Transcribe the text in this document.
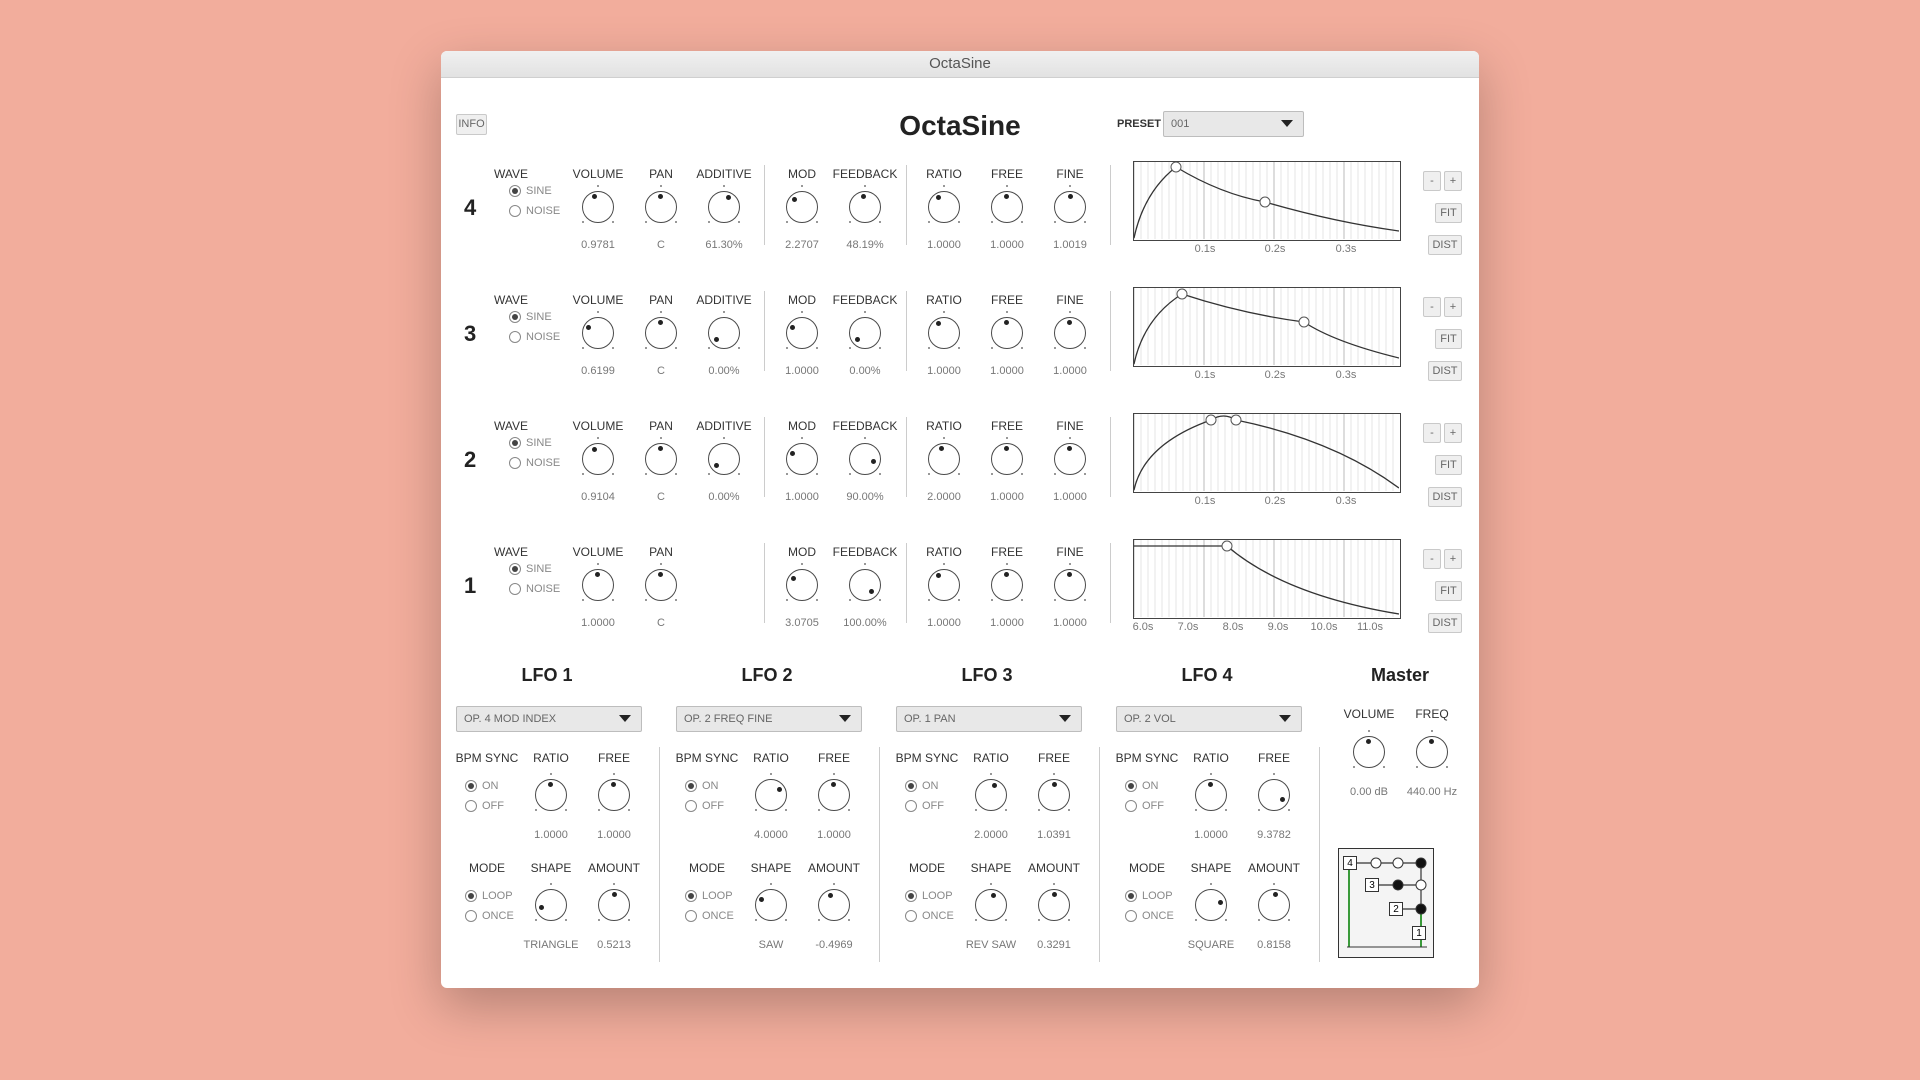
OctaSine
INFO	OctaSine	PRESET 001
4
WAVE
SINE
NOISE
VOLUME
0.9781
PAN
C
ADDITIVE
61.30%
MOD
2.2707
FEEDBACK
48.19%
RATIO
1.0000
FREE
1.0000
FINE
1.0019	0.1s	0.2s	0.3s
-	+
FIT
DIST
3
WAVE
SINE
NOISE
VOLUME
0.6199
PAN
C
ADDITIVE
0.00%
MOD
1.0000
FEEDBACK
0.00%
RATIO
1.0000
FREE
1.0000
FINE
1.0000	0.1s	0.2s	0.3s
-	+
FIT
DIST
2
WAVE
SINE
NOISE
VOLUME
0.9104
PAN
C
ADDITIVE
0.00%
MOD
1.0000
FEEDBACK
90.00%
RATIO
2.0000
FREE
1.0000
FINE
1.0000	0.1s	0.2s	0.3s
-	+
FIT
DIST
1
WAVE
SINE
NOISE
VOLUME
1.0000
PAN
C
MOD
3.0705
FEEDBACK
100.00%
RATIO
1.0000
FREE
1.0000
FINE
1.0000	6.0s	7.0s	8.0s	9.0s	10.0s	11.0s
-	+
FIT
DIST
LFO 1
OP. 4 MOD INDEX
BPM SYNC
ON
OFF
RATIO
1.0000
FREE
1.0000
MODE
LOOP
ONCE
SHAPE
TRIANGLE
AMOUNT
0.5213
LFO 2
OP. 2 FREQ FINE
BPM SYNC
ON
OFF
RATIO
4.0000
FREE
1.0000
MODE
LOOP
ONCE
SHAPE
SAW
AMOUNT
-0.4969
LFO 3
OP. 1 PAN
BPM SYNC
ON
OFF
RATIO
2.0000
FREE
1.0391
MODE
LOOP
ONCE
SHAPE
REV SAW
AMOUNT
0.3291
LFO 4
OP. 2 VOL
BPM SYNC
ON
OFF
RATIO
1.0000
FREE
9.3782
MODE
LOOP
ONCE
SHAPE
SQUARE
AMOUNT
0.8158
Master
VOLUME
0.00 dB
FREQ
440.00 Hz
4
3
2
1
